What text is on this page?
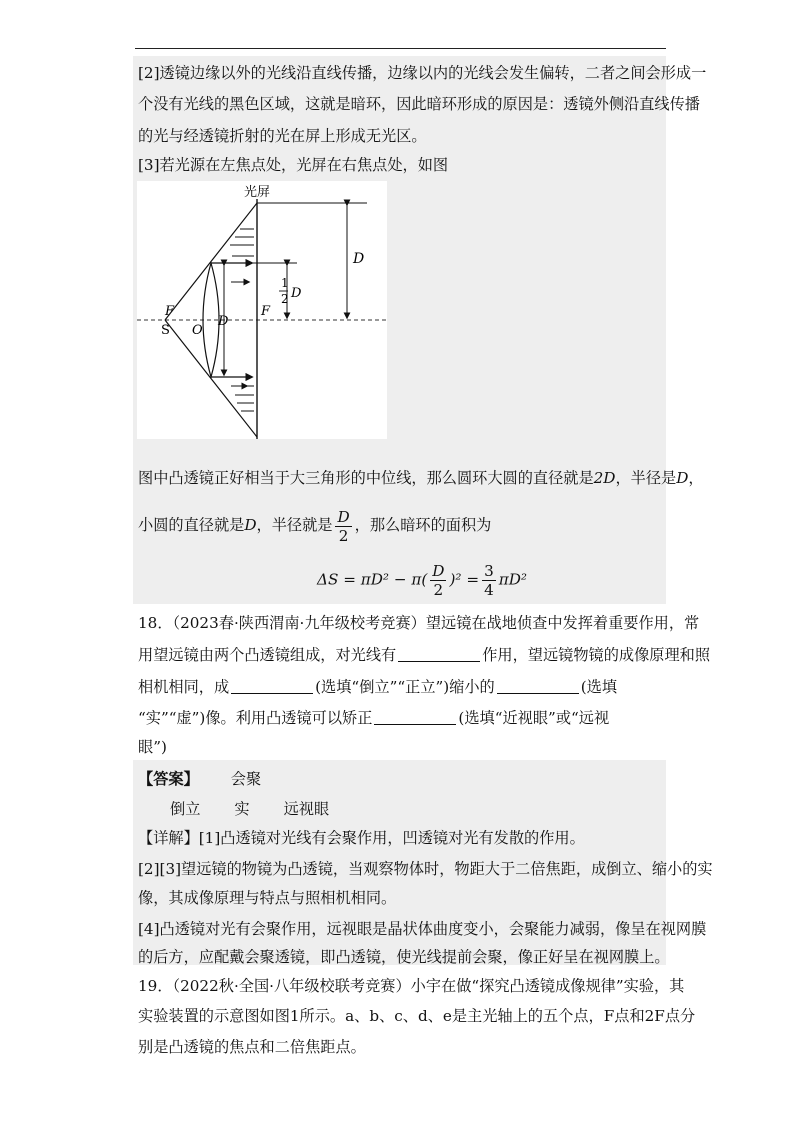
[2]透镜边缘以外的光线沿直线传播，边缘以内的光线会发生偏转，二者之间会形成一
个没有光线的黑色区域，这就是暗环，因此暗环形成的原因是：透镜外侧沿直线传播
的光与经透镜折射的光在屏上形成无光区。
[3]若光源在左焦点处，光屏在右焦点处，如图
光屏
D
1
2 D
F
F
S O
D
图中凸透镜正好相当于大三角形的中位线，那么圆环大圆的直径就是2D，半径是D，
小圆的直径就是D，半径就是 $\frac{D}{2}$ ，那么暗环的面积为
$\Delta S = \pi D^2 - \pi( \frac{D}{2} )^2 = \frac{3}{4} \pi D^2$
18．（2023春·陕西渭南·九年级校考竞赛）望远镜在战地侦查中发挥着重要作用，常
用望远镜由两个凸透镜组成，对光线有	作用，望远镜物镜的成像原理和照
相机相同，成	(选填“倒立”“正立”)缩小的	(选填
“实”“虚”)像。利用凸透镜可以矫正	(选填“近视眼”或“远视
眼”)
【答案】 会聚
倒立 实 远视眼
【详解】[1]凸透镜对光线有会聚作用，凹透镜对光有发散的作用。
[2][3]望远镜的物镜为凸透镜，当观察物体时，物距大于二倍焦距，成倒立、缩小的实
像，其成像原理与特点与照相机相同。
[4]凸透镜对光有会聚作用，远视眼是晶状体曲度变小，会聚能力减弱，像呈在视网膜
的后方，应配戴会聚透镜，即凸透镜，使光线提前会聚，像正好呈在视网膜上。
19．（2022秋·全国·八年级校联考竞赛）小宇在做“探究凸透镜成像规律”实验，其
实验装置的示意图如图1所示。a、b、c、d、e是主光轴上的五个点，F点和2F点分
别是凸透镜的焦点和二倍焦距点。
